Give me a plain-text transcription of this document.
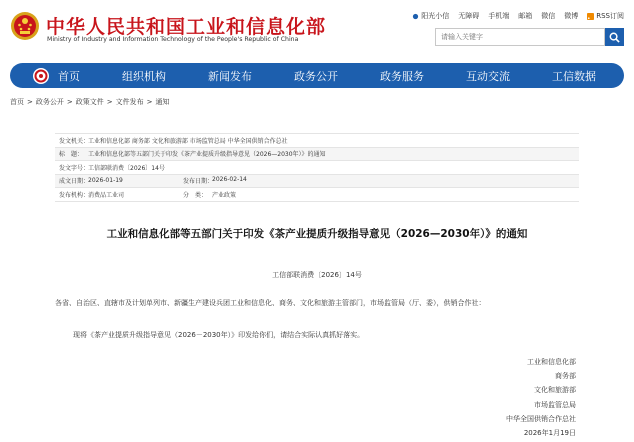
中华人民共和国工业和信息化部
Ministry of Industry and Information Technology of the People's Republic of China
阳光小信 无障碍 手机端 邮箱 微信 微博	RSS订阅
请输入关键字
首页	组织机构	新闻发布	政务公开	政务服务	互动交流	工信数据
首页 > 政务公开 > 政策文件 > 文件发布 > 通知
发文机关：
工业和信息化部 商务部 文化和旅游部 市场监管总局 中华全国供销合作总社
标　题： 工业和信息化部等五部门关于印发《茶产业提质升级指导意见（2026—2030年）》的通知
发文字号：
工信部联消费〔2026〕14号
成文日期：
2026-01-19	发布日期：
2026-02-14
发布机构：
消费品工业司	分　类： 产业政策
工业和信息化部等五部门关于印发《茶产业提质升级指导意见（2026—2030年）》的通知
工信部联消费〔2026〕14号
各省、自治区、直辖市及计划单列市、新疆生产建设兵团工业和信息化、商务、文化和旅游主管部门，市场监管局（厅、委），供销合作社：
现将《茶产业提质升级指导意见（2026－2030年）》印发给你们，请结合实际认真抓好落实。
工业和信息化部
商务部
文化和旅游部
市场监管总局
中华全国供销合作总社
2026年1月19日
